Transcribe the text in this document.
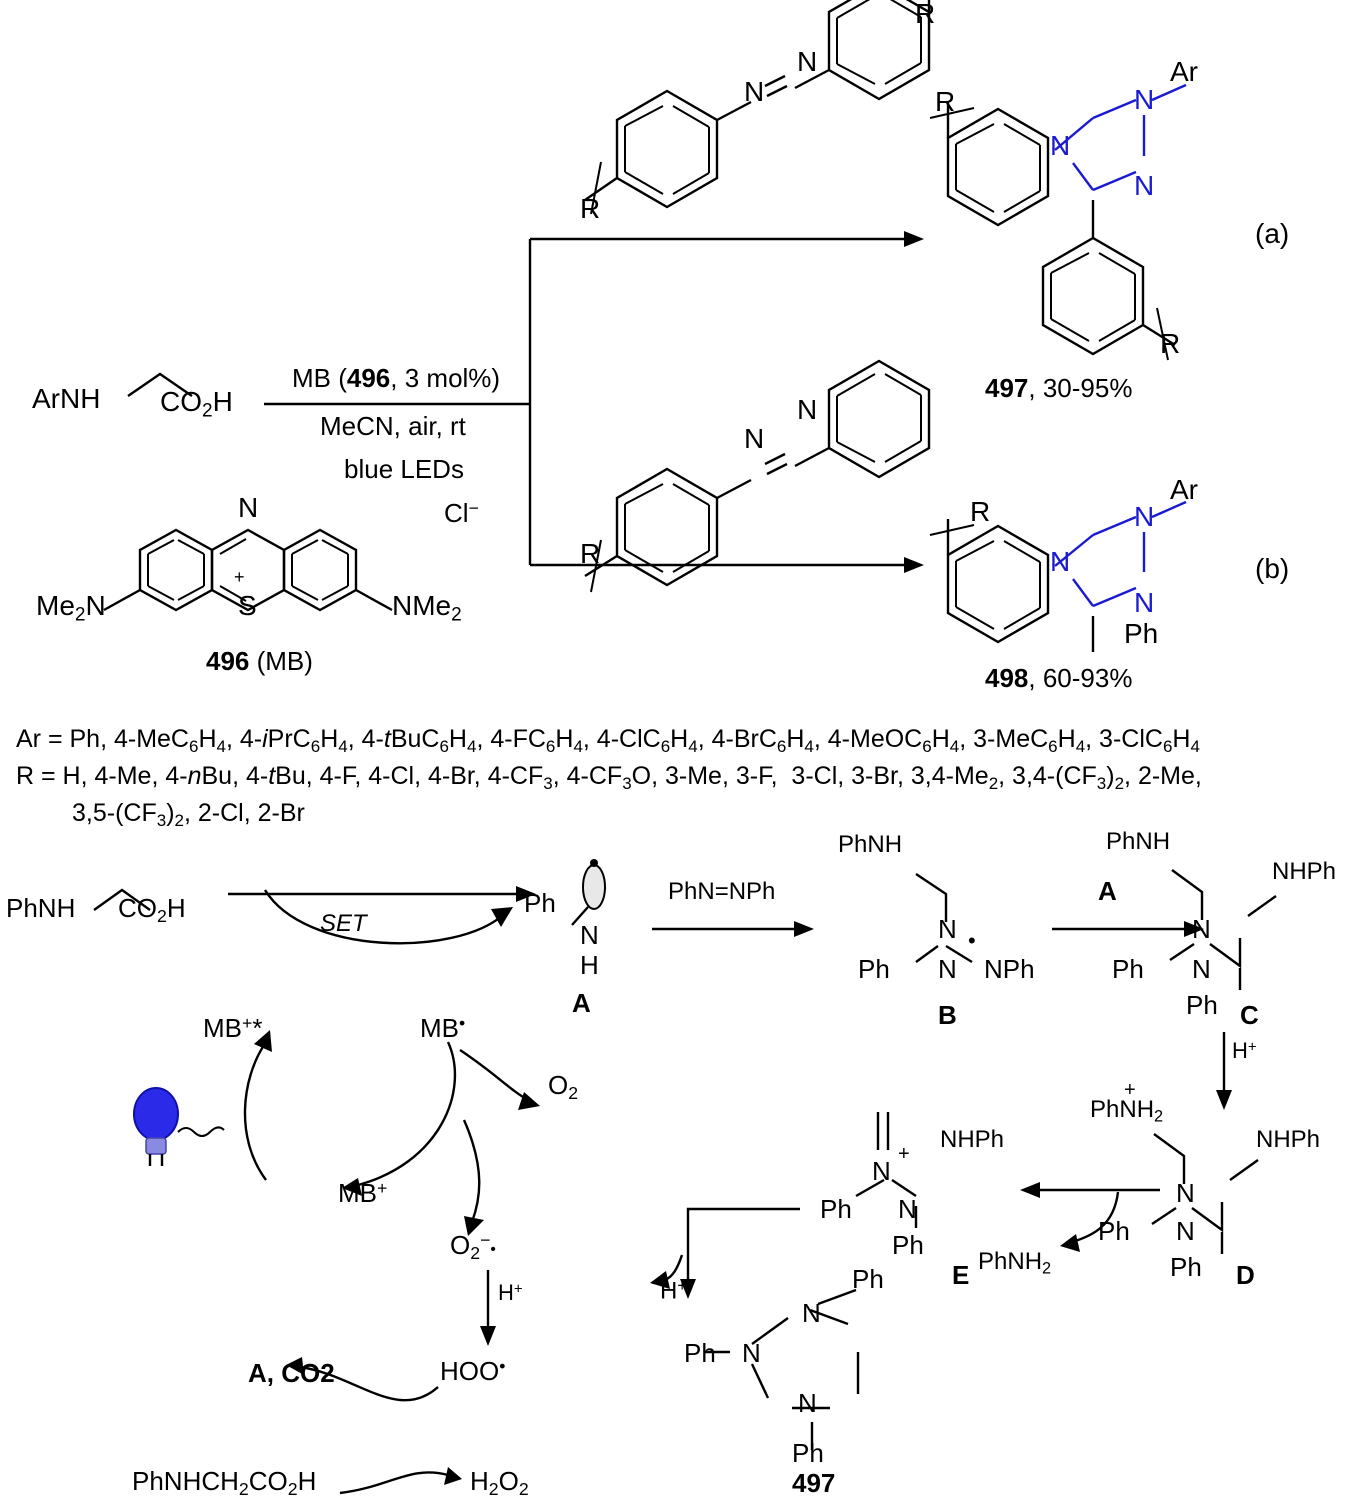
ArNH $CO_2H$
MB (496, 3 mol%)
MeCN, air, rt
blue LEDs
R
R
N
N
R
R
N
N
N
Ar
497, 30-95%
(a)
R
N
N
R
N
N
N
Ar
Ph
498, 60-93%
(b)
N
S
+
$Me_2N$	NMe$_2$
Cl−
496 (MB)
Ar = Ph, $4-MeC_6H_4$, $4-iPrC_6H_4$, $4-tBuC_6H_4$, $4-FC_6H_4$, $4-ClC_6H_4$, $4-BrC_6H_4$, $4-MeOC_6H_4$, $3-MeC_6H_4$, $3-ClC_6H_4$
R = H, 4-Me, 4-nBu, 4-tBu, 4-F, 4-Cl, 4-Br, $4-CF_3$, $4-CF_3O$, 3-Me, 3-F,  3-Cl, 3-Br, $3,4-Me_2$, $3,4-(CF_3)_2$, 2-Me,
$3,5-(CF_3)_2$, 2-Cl, 2-Br
PhNH $CO_2H$
SET
Ph
N
H
A
PhN=NPh
PhNH
N
Ph N NPh
•
B
A
PhNH
NHPh
N
Ph N
Ph C
H+
PhNH$_2$
+
NHPh
N
Ph N
Ph D
PhNH$_2$
NHPh
N
+
Ph N
Ph
E
H+
N
Ph
N
Ph
N
Ph
497
MB+*	MB•
MB+
$O_2$
$O_2^-•$
H+
HOO•
A, CO2
$PhNHCH_2CO_2H$	$H_2O_2$
